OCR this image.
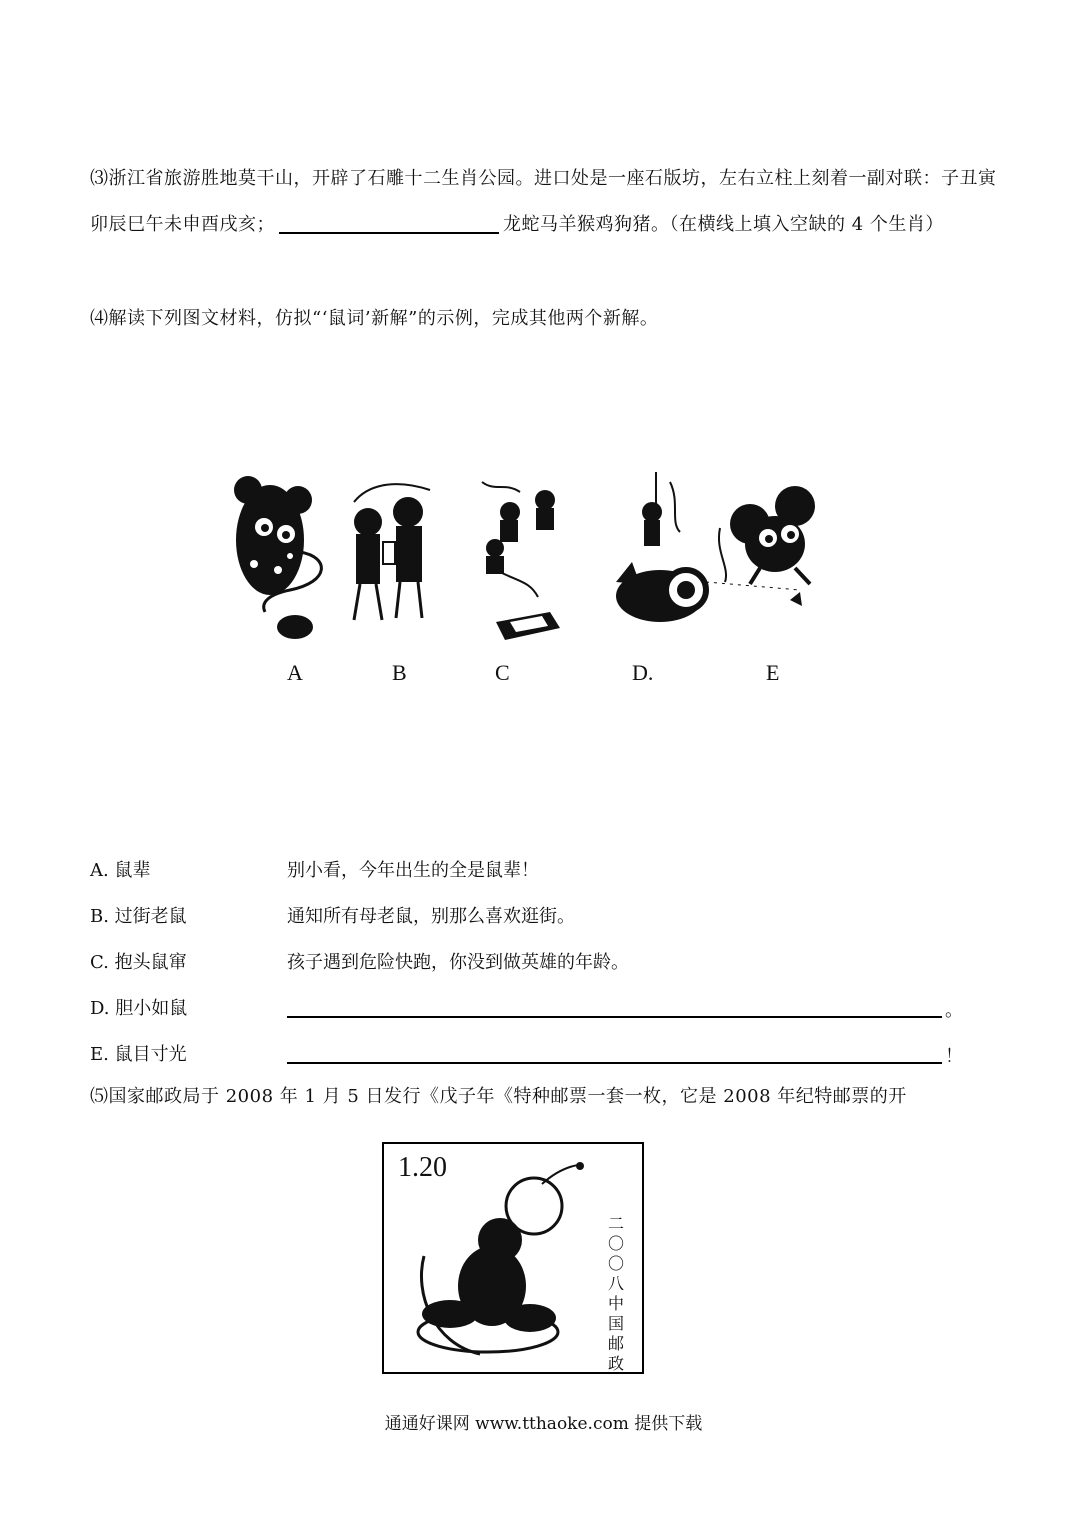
⑶浙江省旅游胜地莫干山，开辟了石雕十二生肖公园。进口处是一座石版坊，左右立柱上刻着一副对联：子丑寅卯辰巳午未申酉戌亥；	龙蛇马羊猴鸡狗猪。（在横线上填入空缺的 4 个生肖）
⑷解读下列图文材料，仿拟“‘鼠词’新解”的示例，完成其他两个新解。
A	B	C	D.	E
A. 鼠辈	别小看，今年出生的全是鼠辈！
B. 过街老鼠	通知所有母老鼠，别那么喜欢逛街。
C. 抱头鼠窜	孩子遇到危险快跑，你没到做英雄的年龄。
D. 胆小如鼠	。
E. 鼠目寸光	！
⑸国家邮政局于 2008 年 1 月 5 日发行《戊子年《特种邮票一套一枚，它是 2008 年纪特邮票的开
1.20
二〇〇八中国邮政
通通好课网 www.tthaoke.com 提供下载
